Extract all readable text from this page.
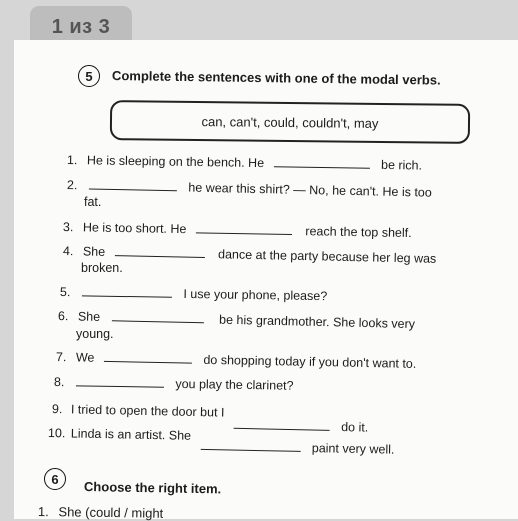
1 из 3
5	Complete the sentences with one of the modal verbs.
can, can't, could, couldn't, may
1. He is sleeping on the bench. He	be rich.
2.	he wear this shirt? — No, he can't. He is too
fat.
3. He is too short. He	reach the top shelf.
4. She	dance at the party because her leg was
broken.
5.	I use your phone, please?
6. She	be his grandmother. She looks very
young.
7. We	do shopping today if you don't want to.
8.	you play the clarinet?
9. I tried to open the door but I  do it.
10. Linda is an artist. She  paint very well.
6
Choose the right item.
1. She (could / might
